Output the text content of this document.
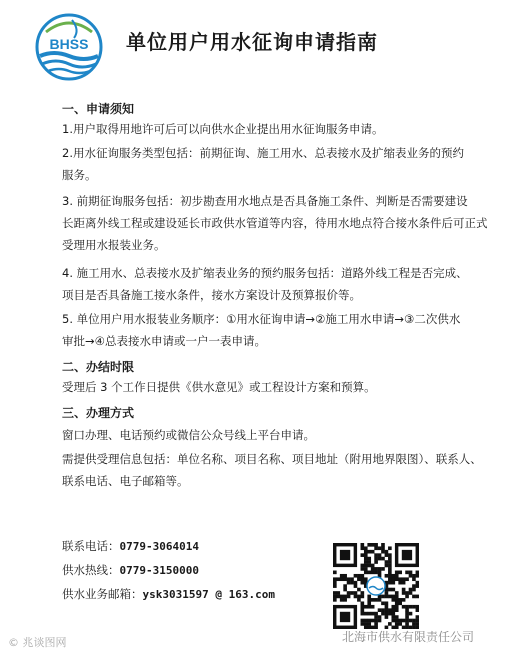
BHSS 单位用户用水征询申请指南
一、申请须知
1.用户取得用地许可后可以向供水企业提出用水征询服务申请。
2.用水征询服务类型包括：前期征询、施工用水、总表接水及扩缩表业务的预约
服务。
3. 前期征询服务包括：初步勘查用水地点是否具备施工条件、判断是否需要建设
长距离外线工程或建设延长市政供水管道等内容，待用水地点符合接水条件后可正式
受理用水报装业务。
4. 施工用水、总表接水及扩缩表业务的预约服务包括：道路外线工程是否完成、
项目是否具备施工接水条件，接水方案设计及预算报价等。
5. 单位用户用水报装业务顺序：①用水征询申请→②施工用水申请→③二次供水
审批→④总表接水申请或一户一表申请。
二、办结时限
受理后 3 个工作日提供《供水意见》或工程设计方案和预算。
三、办理方式
窗口办理、电话预约或微信公众号线上平台申请。
需提供受理信息包括：单位名称、项目名称、项目地址（附用地界限图）、联系人、
联系电话、电子邮箱等。
联系电话：0779-3064014
供水热线：0779-3150000
供水业务邮箱：ysk3031597 @ 163.com
© 兆谈图网	北海市供水有限责任公司
